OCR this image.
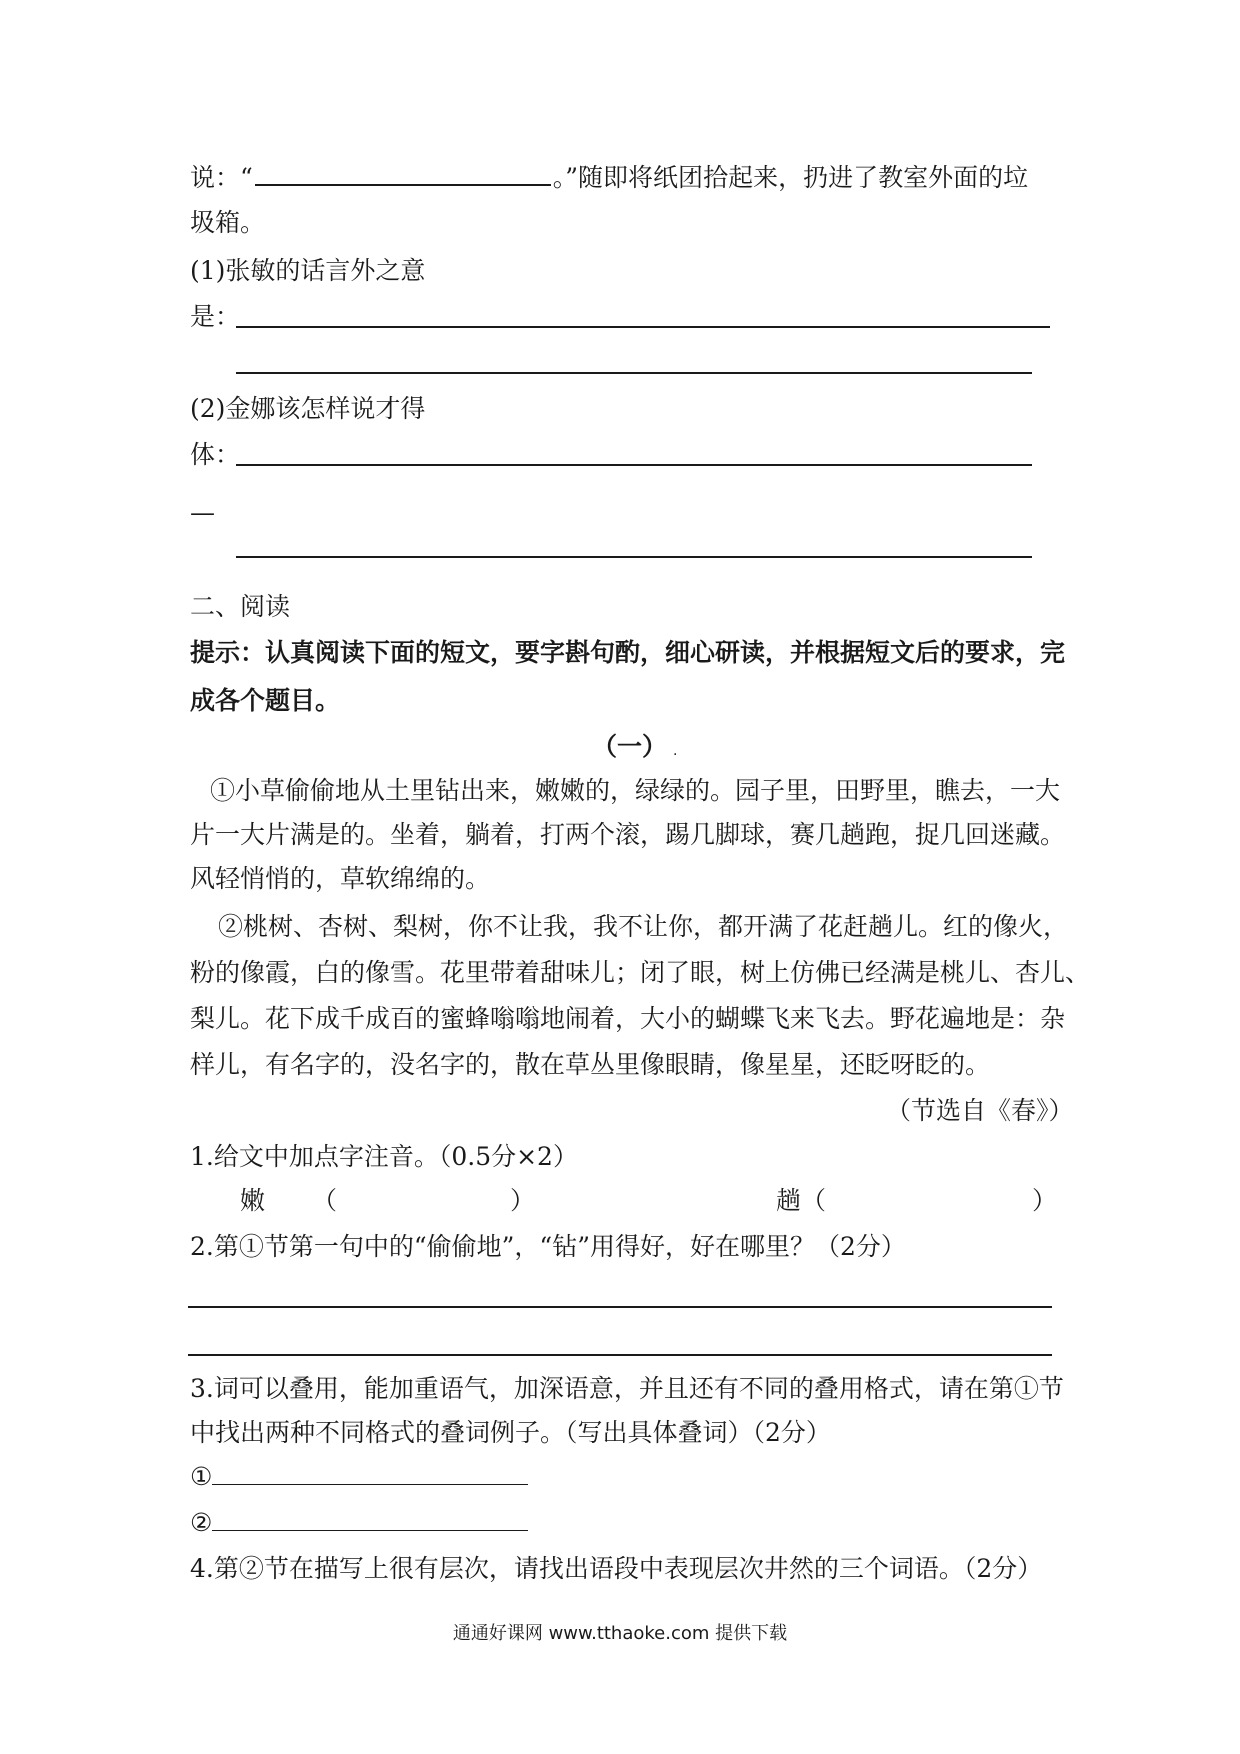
说：“	。”随即将纸团拾起来，扔进了教室外面的垃
圾箱。
(1)张敏的话言外之意
是：
(2)金娜该怎样说才得
体：
—
二、阅读
提示：认真阅读下面的短文，要字斟句酌，细心研读，并根据短文后的要求，完
成各个题目。
（一） .
①小草偷偷地从土里钻出来，嫩嫩的，绿绿的。园子里，田野里，瞧去，一大
片一大片满是的。坐着，躺着，打两个滚，踢几脚球，赛几趟跑，捉几回迷藏。
风轻悄悄的，草软绵绵的。
②桃树、杏树、梨树，你不让我，我不让你，都开满了花赶趟儿。红的像火，
粉的像霞，白的像雪。花里带着甜味儿；闭了眼，树上仿佛已经满是桃儿、杏儿、
梨儿。花下成千成百的蜜蜂嗡嗡地闹着，大小的蝴蝶飞来飞去。野花遍地是：杂
样儿，有名字的，没名字的，散在草丛里像眼睛，像星星，还眨呀眨的。
（节选自《春》）
1.给文中加点字注音。（0.5分×2）
嫩 （	）	趟（	）
2.第①节第一句中的“偷偷地”，“钻”用得好，好在哪里？（2分）
3.词可以叠用，能加重语气，加深语意，并且还有不同的叠用格式，请在第①节
中找出两种不同格式的叠词例子。（写出具体叠词）（2分）
①
②
4.第②节在描写上很有层次，请找出语段中表现层次井然的三个词语。（2分）
通通好课网 www.tthaoke.com 提供下载
